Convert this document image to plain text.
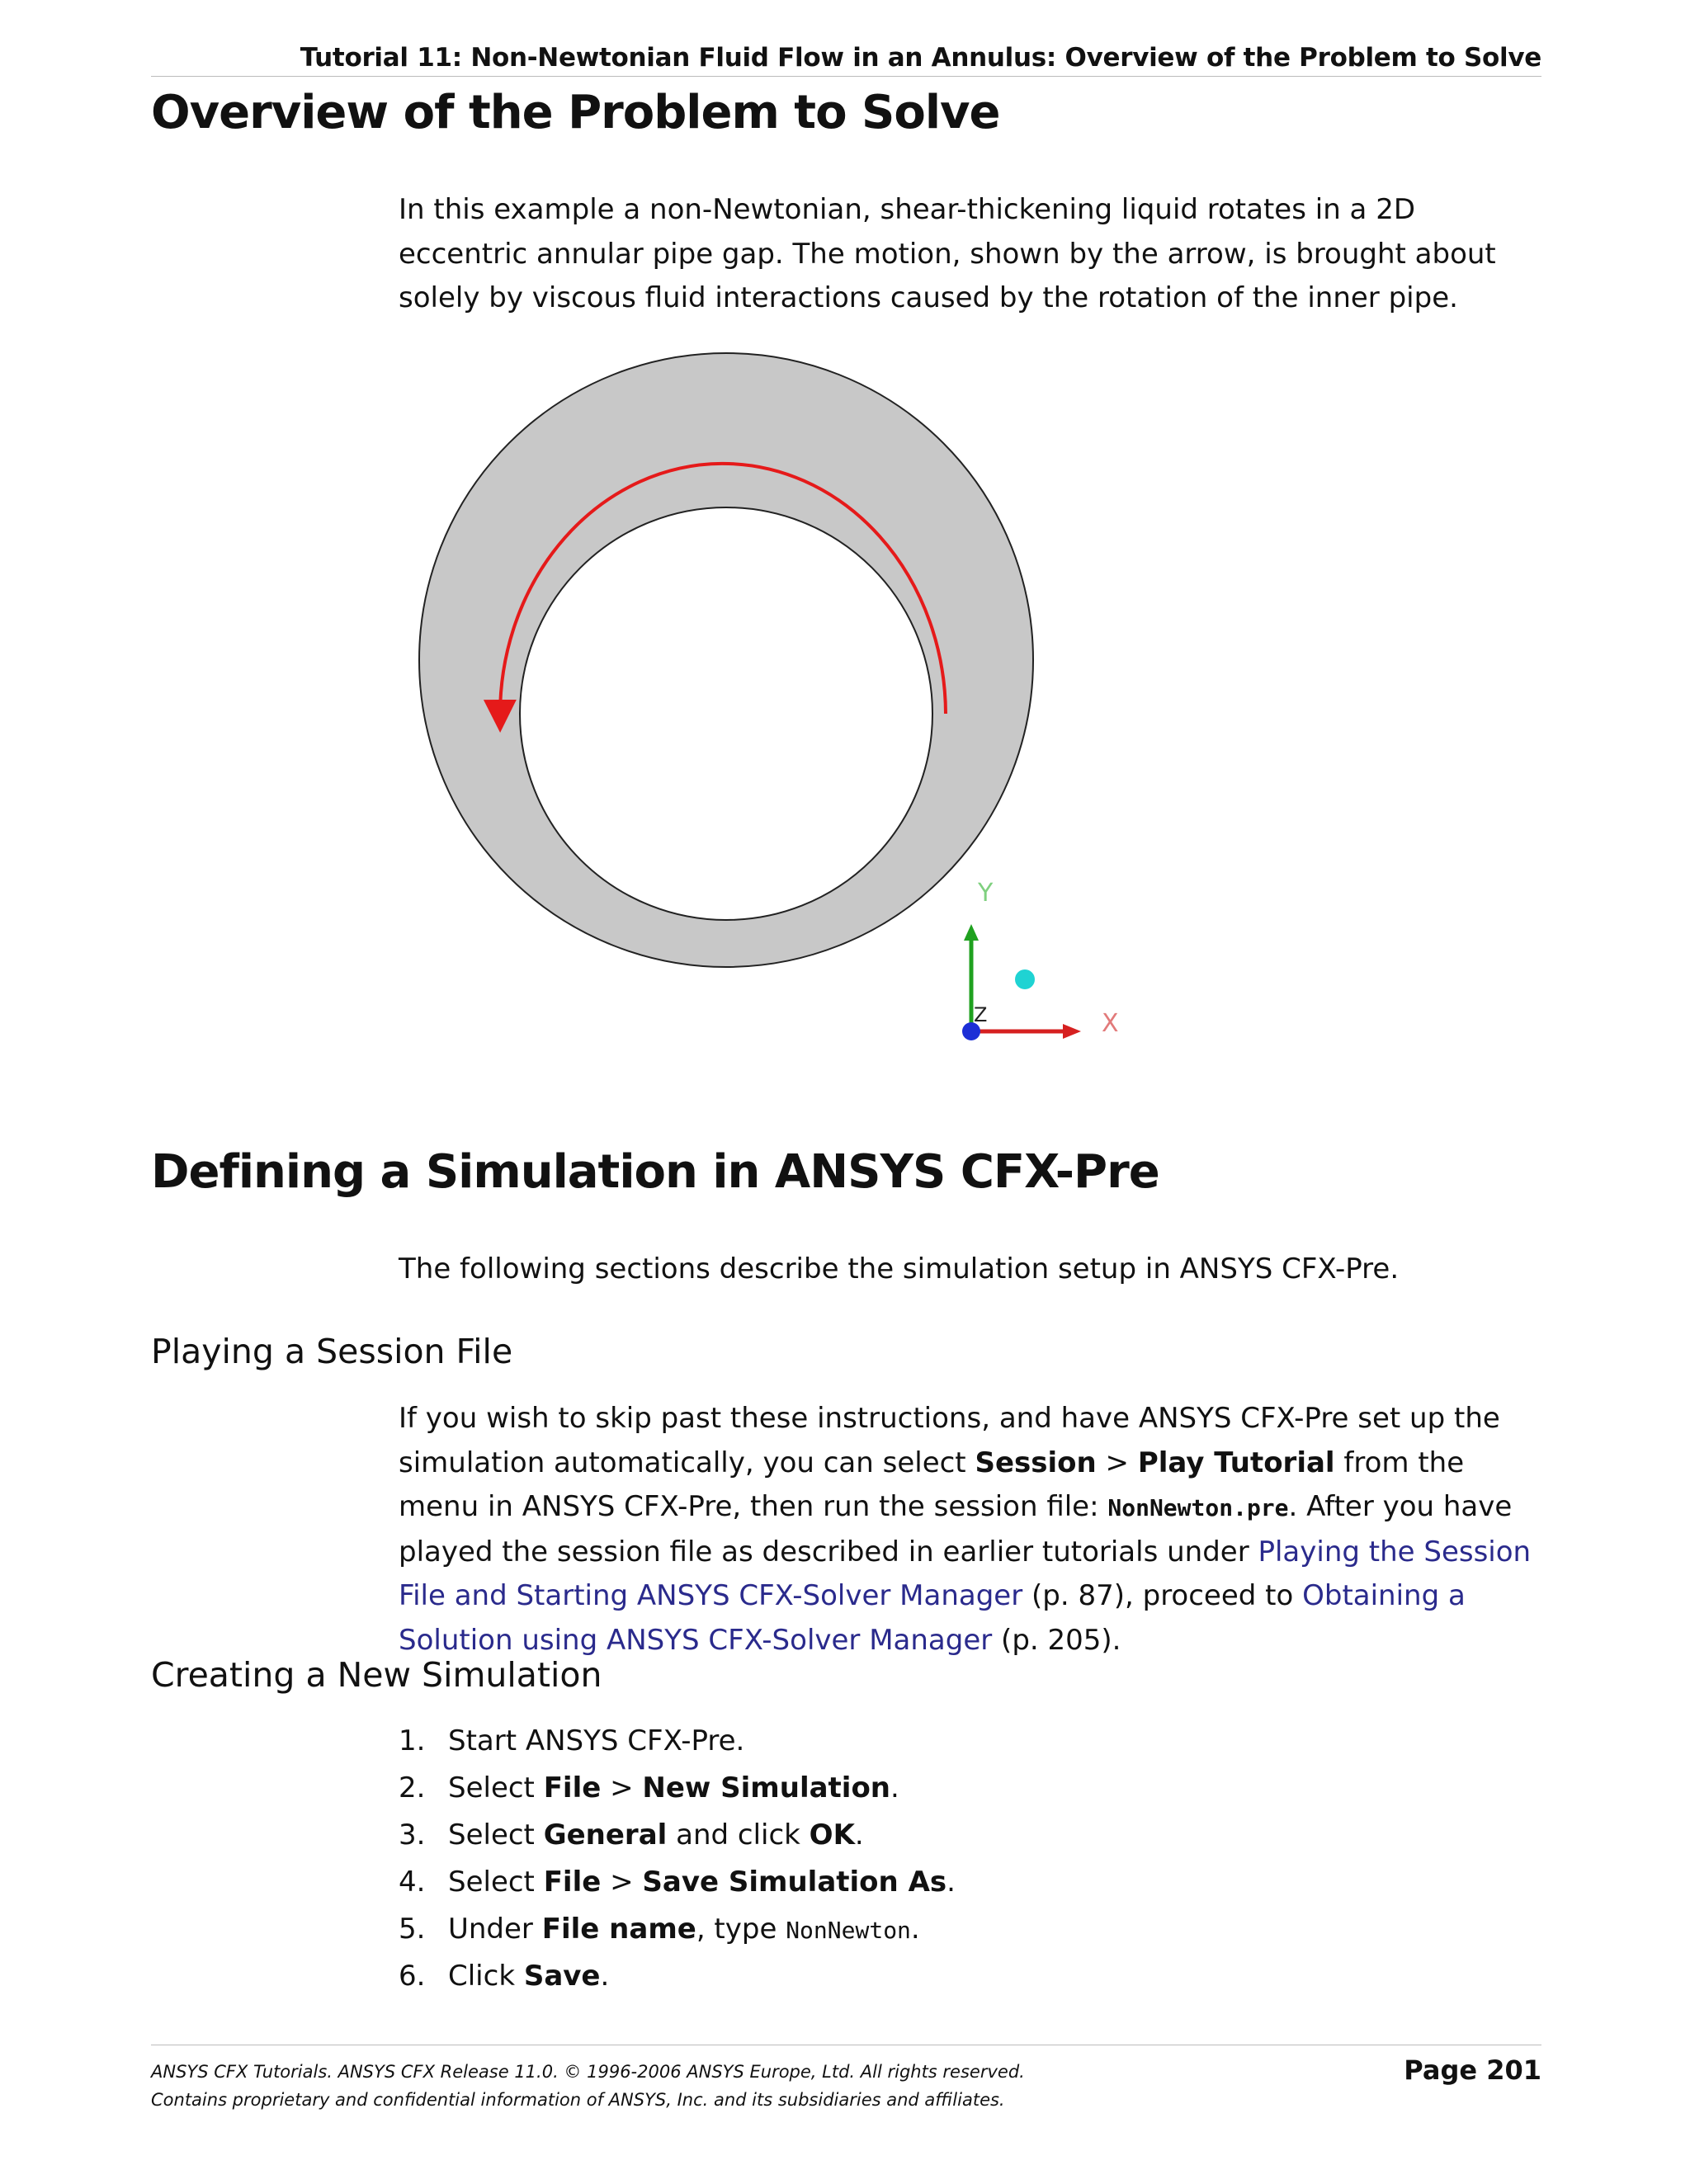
Tutorial 11: Non-Newtonian Fluid Flow in an Annulus: Overview of the Problem to Solve
Overview of the Problem to Solve

In this example a non-Newtonian, shear-thickening liquid rotates in a 2D eccentric annular pipe gap. The motion, shown by the arrow, is brought about solely by viscous fluid interactions caused by the rotation of the inner pipe.

Y
X
Z
Defining a Simulation in ANSYS CFX-Pre

The following sections describe the simulation setup in ANSYS CFX-Pre.

Playing a Session File

If you wish to skip past these instructions, and have ANSYS CFX-Pre set up the simulation automatically, you can select Session > Play Tutorial from the menu in ANSYS CFX-Pre, then run the session file: NonNewton.pre. After you have played the session file as described in earlier tutorials under Playing the Session File and Starting ANSYS CFX-Solver Manager (p. 87), proceed to Obtaining a Solution using ANSYS CFX-Solver Manager (p. 205).

Creating a New Simulation
1. Start ANSYS CFX-Pre.
2. Select File > New Simulation.
3. Select General and click OK.
4. Select File > Save Simulation As.
5. Under File name, type NonNewton.
6. Click Save.
ANSYS CFX Tutorials. ANSYS CFX Release 11.0. © 1996-2006 ANSYS Europe, Ltd. All rights reserved.
Contains proprietary and confidential information of ANSYS, Inc. and its subsidiaries and affiliates.
Page 201
